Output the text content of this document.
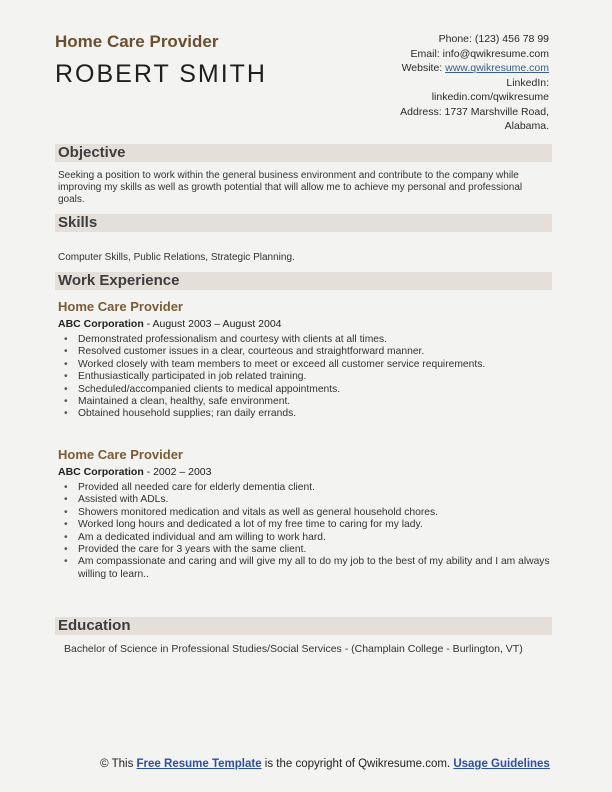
Home Care Provider
ROBERT SMITH
Phone: (123) 456 78 99
Email: info@qwikresume.com
Website: www.qwikresume.com
LinkedIn:
linkedin.com/qwikresume
Address: 1737 Marshville Road,
Alabama.
Objective
Seeking a position to work within the general business environment and contribute to the company while improving my skills as well as growth potential that will allow me to achieve my personal and professional goals.
Skills
Computer Skills, Public Relations, Strategic Planning.
Work Experience
Home Care Provider
ABC Corporation - August 2003 – August 2004
• Demonstrated professionalism and courtesy with clients at all times.
• Resolved customer issues in a clear, courteous and straightforward manner.
• Worked closely with team members to meet or exceed all customer service requirements.
• Enthusiastically participated in job related training.
• Scheduled/accompanied clients to medical appointments.
• Maintained a clean, healthy, safe environment.
• Obtained household supplies; ran daily errands.
Home Care Provider
ABC Corporation - 2002 – 2003
• Provided all needed care for elderly dementia client.
• Assisted with ADLs.
• Showers monitored medication and vitals as well as general household chores.
• Worked long hours and dedicated a lot of my free time to caring for my lady.
• Am a dedicated individual and am willing to work hard.
• Provided the care for 3 years with the same client.
• Am compassionate and caring and will give my all to do my job to the best of my ability and I am always willing to learn..
Education
Bachelor of Science in Professional Studies/Social Services - (Champlain College - Burlington, VT)
© This Free Resume Template is the copyright of Qwikresume.com. Usage Guidelines
